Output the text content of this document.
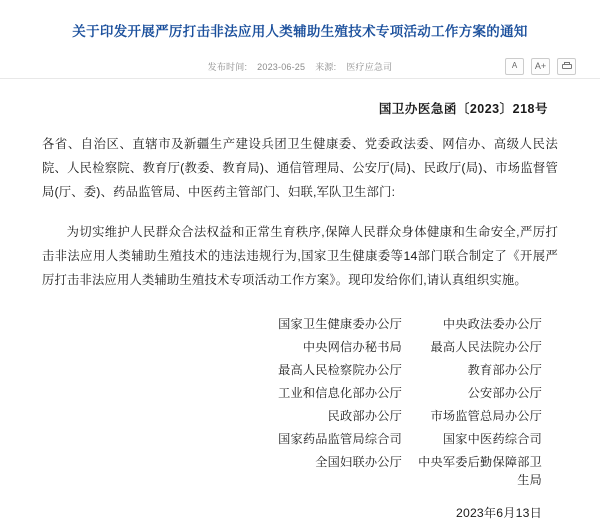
关于印发开展严厉打击非法应用人类辅助生殖技术专项活动工作方案的通知
发布时间: 2023-06-25 来源: 医疗应急司	A A+
国卫办医急函〔2023〕218号
各省、自治区、直辖市及新疆生产建设兵团卫生健康委、党委政法委、网信办、高级人民法院、人民检察院、教育厅(教委、教育局)、通信管理局、公安厅(局)、民政厅(局)、市场监督管局(厅、委)、药品监管局、中医药主管部门、妇联,军队卫生部门:
为切实维护人民群众合法权益和正常生育秩序,保障人民群众身体健康和生命安全,严厉打击非法应用人类辅助生殖技术的违法违规行为,国家卫生健康委等14部门联合制定了《开展严厉打击非法应用人类辅助生殖技术专项活动工作方案》。现印发给你们,请认真组织实施。
国家卫生健康委办公厅	中央政法委办公厅
中央网信办秘书局	最高人民法院办公厅
最高人民检察院办公厅	教育部办公厅
工业和信息化部办公厅	公安部办公厅
民政部办公厅	市场监管总局办公厅
国家药品监管局综合司	国家中医药综合司
全国妇联办公厅	中央军委后勤保障部卫生局
2023年6月13日
